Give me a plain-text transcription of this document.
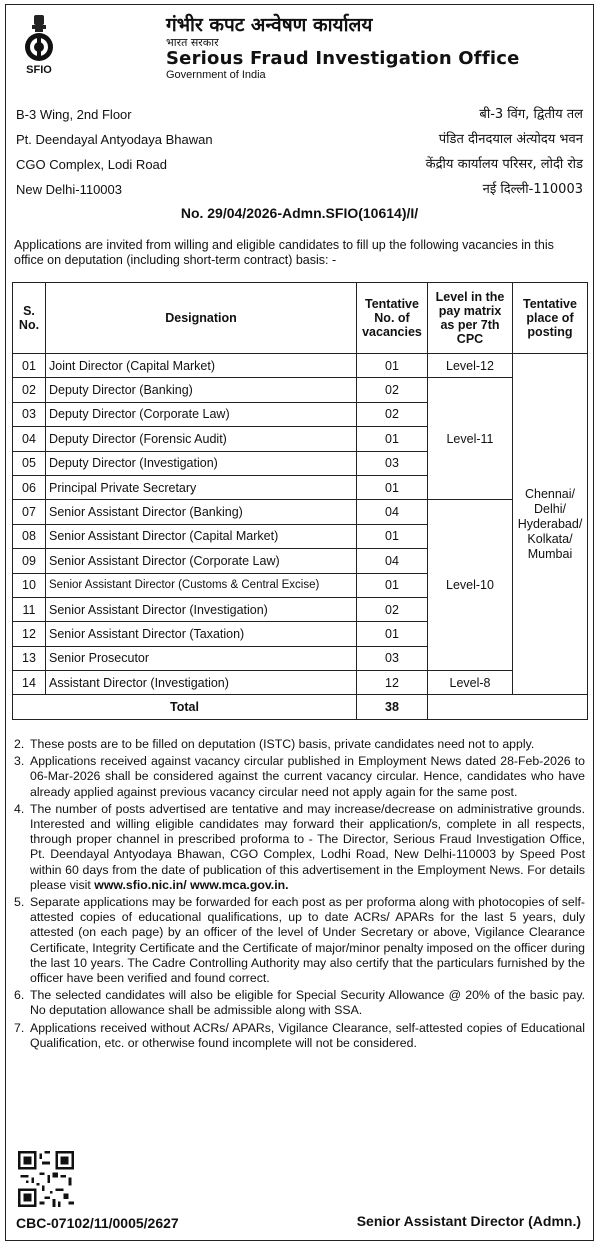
SFIO
गंभीर कपट अन्वेषण कार्यालय
भारत सरकार
Serious Fraud Investigation Office
Government of India
B-3 Wing, 2nd Floor
Pt. Deendayal Antyodaya Bhawan
CGO Complex, Lodi Road
New Delhi-110003
बी-3 विंग, द्वितीय तल
पंडित दीनदयाल अंत्योदय भवन
केंद्रीय कार्यालय परिसर, लोदी रोड
नई दिल्ली-110003
No. 29/04/2026-Admn.SFIO(10614)/I/
Applications are invited from willing and eligible candidates to fill up the following vacancies in this office on deputation (including short-term contract) basis: -
S. No.	Designation	Tentative No. of vacancies	Level in the pay matrix as per 7th CPC	Tentative place of posting
01	Joint Director (Capital Market)	01	Level-12	Chennai/ Delhi/ Hyderabad/ Kolkata/ Mumbai
02	Deputy Director (Banking)	02	Level-11	
03	Deputy Director (Corporate Law)	02		
04	Deputy Director (Forensic Audit)	01		
05	Deputy Director (Investigation)	03		
06	Principal Private Secretary	01		
07	Senior Assistant Director (Banking)	04	Level-10	
08	Senior Assistant Director (Capital Market)	01		
09	Senior Assistant Director (Corporate Law)	04		
10	Senior Assistant Director (Customs & Central Excise)	01		
11	Senior Assistant Director (Investigation)	02		
12	Senior Assistant Director (Taxation)	01		
13	Senior Prosecutor	03		
14	Assistant Director (Investigation)	12	Level-8	
Total		38		
2. These posts are to be filled on deputation (ISTC) basis, private candidates need not to apply.
3. Applications received against vacancy circular published in Employment News dated 28-Feb-2026 to 06-Mar-2026 shall be considered against the current vacancy circular. Hence, candidates who have already applied against previous vacancy circular need not apply again for the same post.
4. The number of posts advertised are tentative and may increase/decrease on administrative grounds. Interested and willing eligible candidates may forward their application/s, complete in all respects, through proper channel in prescribed proforma to - The Director, Serious Fraud Investigation Office, Pt. Deendayal Antyodaya Bhawan, CGO Complex, Lodhi Road, New Delhi-110003 by Speed Post within 60 days from the date of publication of this advertisement in the Employment News. For details please visit www.sfio.nic.in/ www.mca.gov.in.
5. Separate applications may be forwarded for each post as per proforma along with photocopies of self-attested copies of educational qualifications, up to date ACRs/ APARs for the last 5 years, duly attested (on each page) by an officer of the level of Under Secretary or above, Vigilance Clearance Certificate, Integrity Certificate and the Certificate of major/minor penalty imposed on the officer during the last 10 years. The Cadre Controlling Authority may also certify that the particulars furnished by the officer have been verified and found correct.
6. The selected candidates will also be eligible for Special Security Allowance @ 20% of the basic pay. No deputation allowance shall be admissible along with SSA.
7. Applications received without ACRs/ APARs, Vigilance Clearance, self-attested copies of Educational Qualification, etc. or otherwise found incomplete will not be considered.
CBC-07102/11/0005/2627	Senior Assistant Director (Admn.)
